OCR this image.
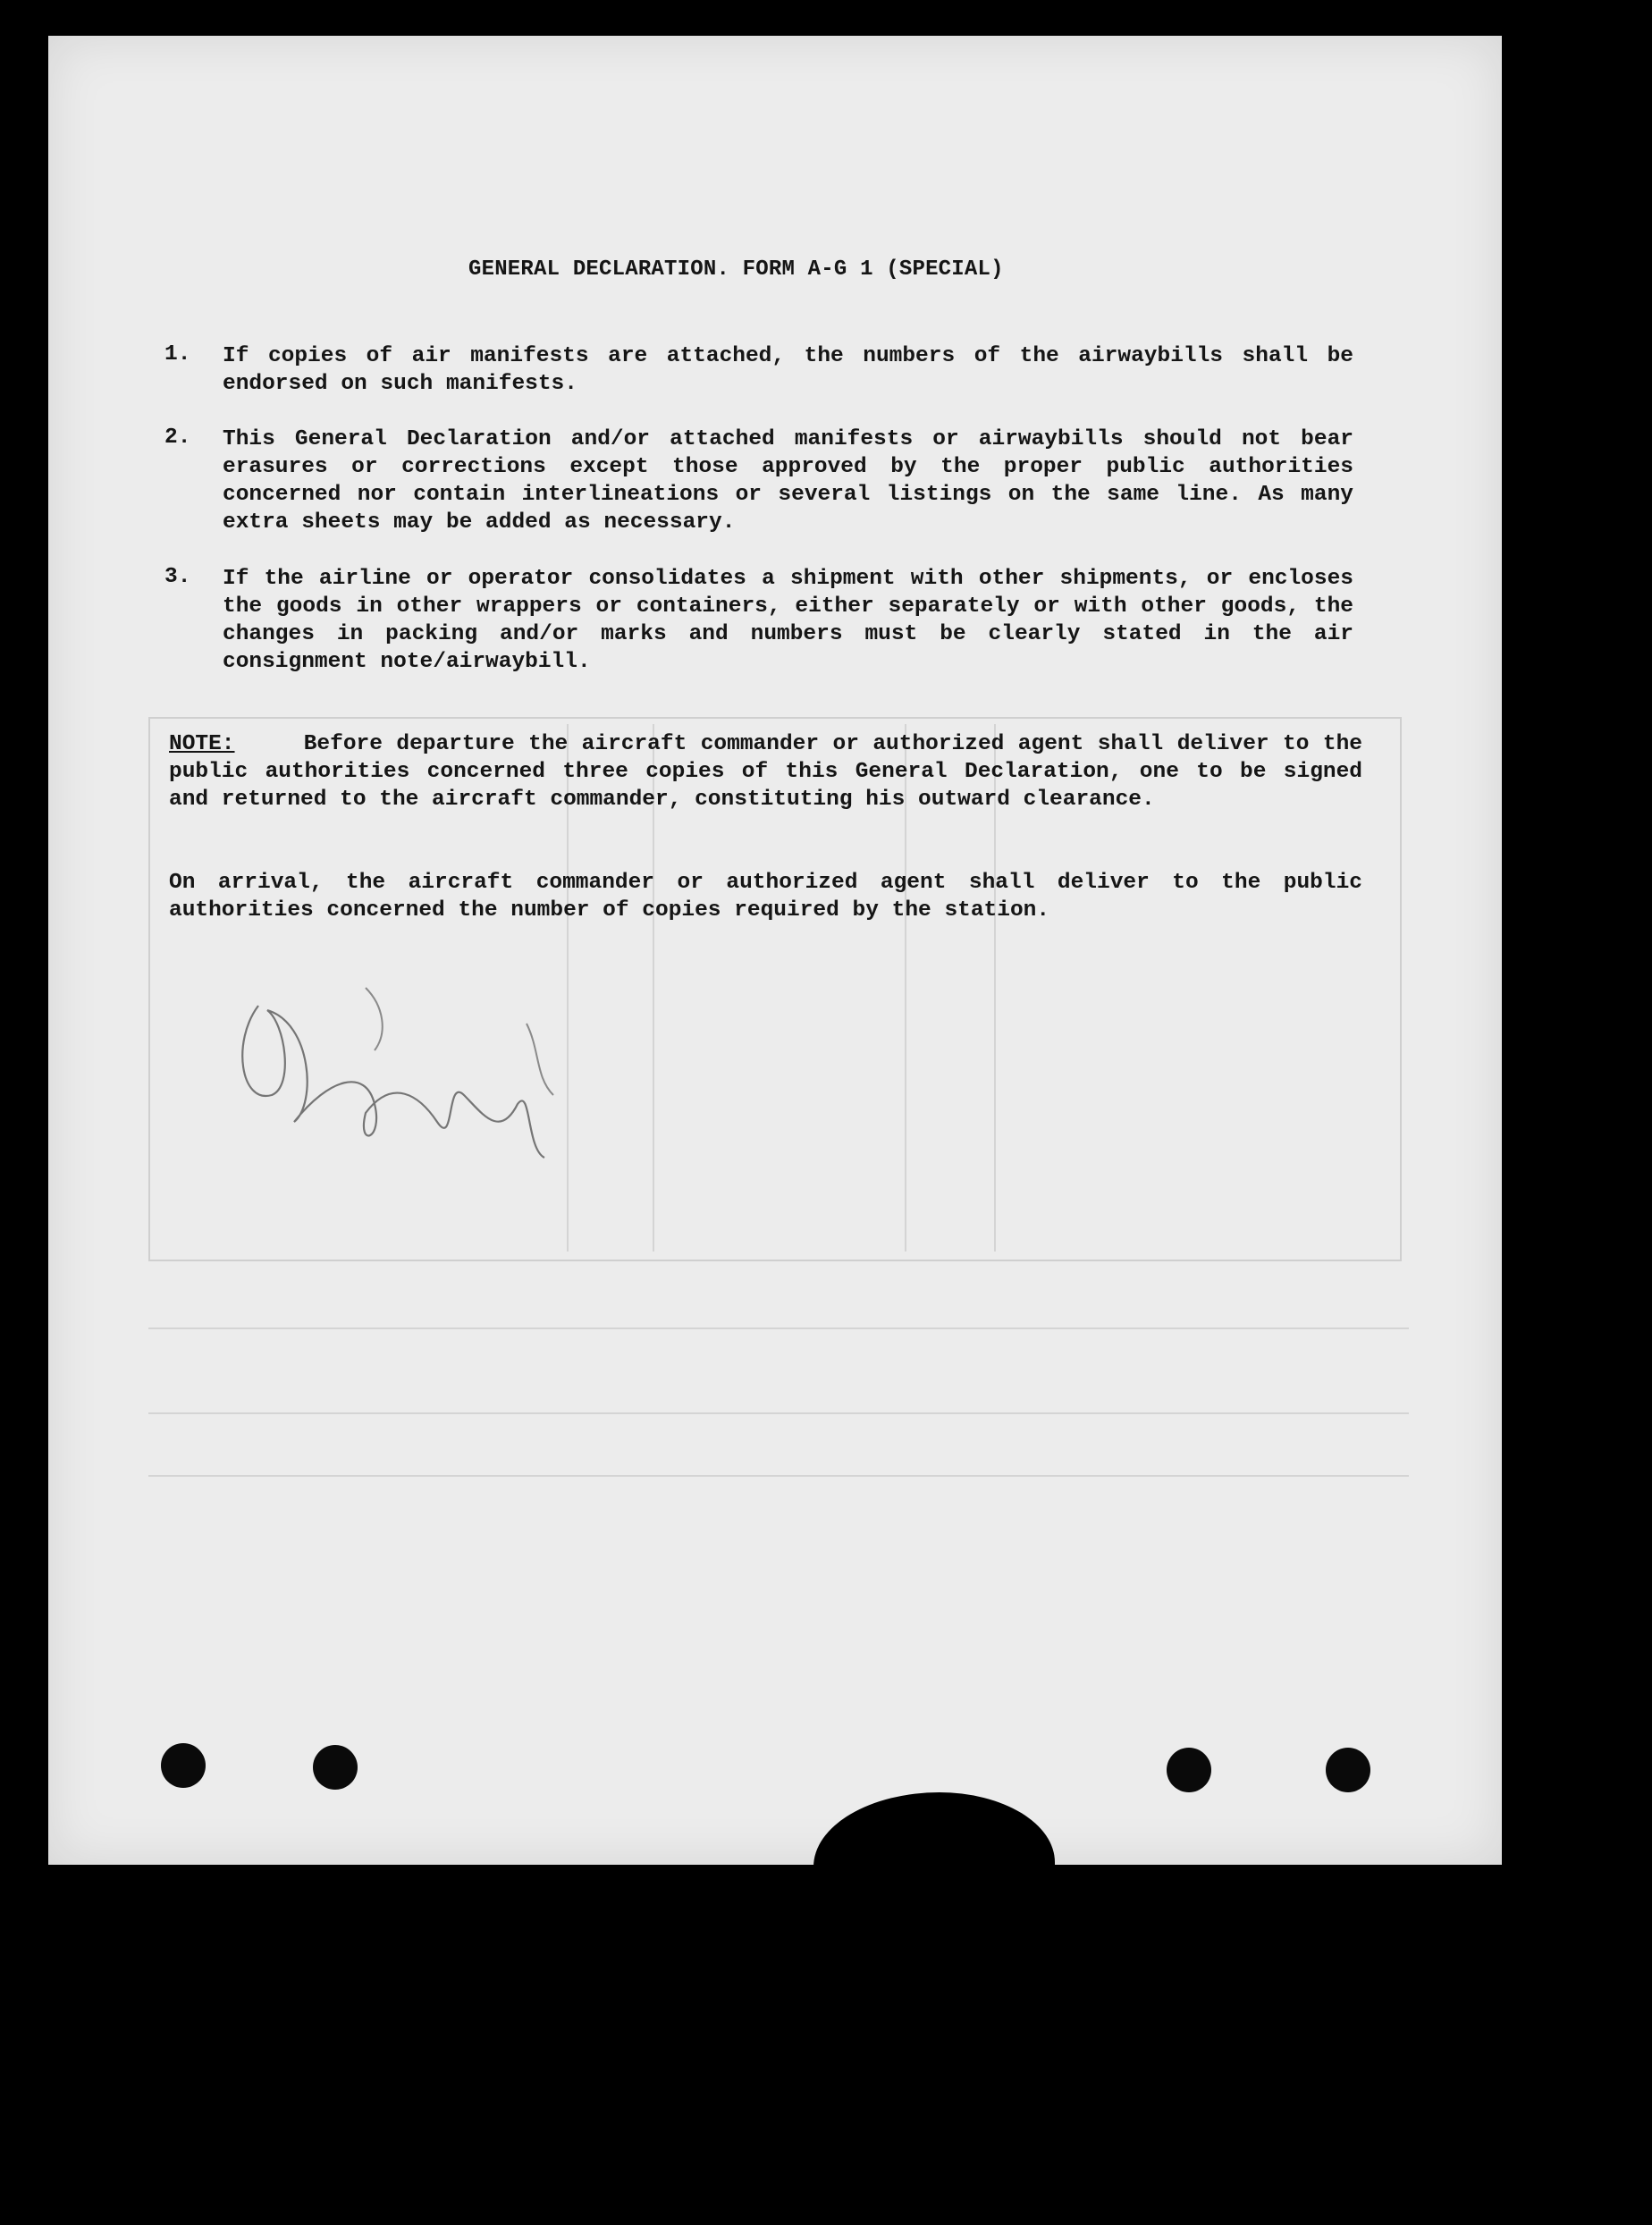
GENERAL DECLARATION. FORM A-G 1 (SPECIAL)
1.	If copies of air manifests are attached, the numbers of the airwaybills shall be endorsed on such manifests.
2.	This General Declaration and/or attached manifests or airwaybills should not bear erasures or corrections except those approved by the proper public authorities concerned nor contain interlineations or several listings on the same line. As many extra sheets may be added as necessary.
3.	If the airline or operator consolidates a shipment with other shipments, or encloses the goods in other wrappers or containers, either separately or with other goods, the changes in packing and/or marks and numbers must be clearly stated in the air consignment note/airwaybill.
NOTE:	Before departure the aircraft commander or authorized agent shall deliver to the public authorities concerned three copies of this General Declaration, one to be signed and returned to the aircraft commander, constituting his outward clearance.
On arrival, the aircraft commander or authorized agent shall deliver to the public authorities concerned the number of copies required by the station.
